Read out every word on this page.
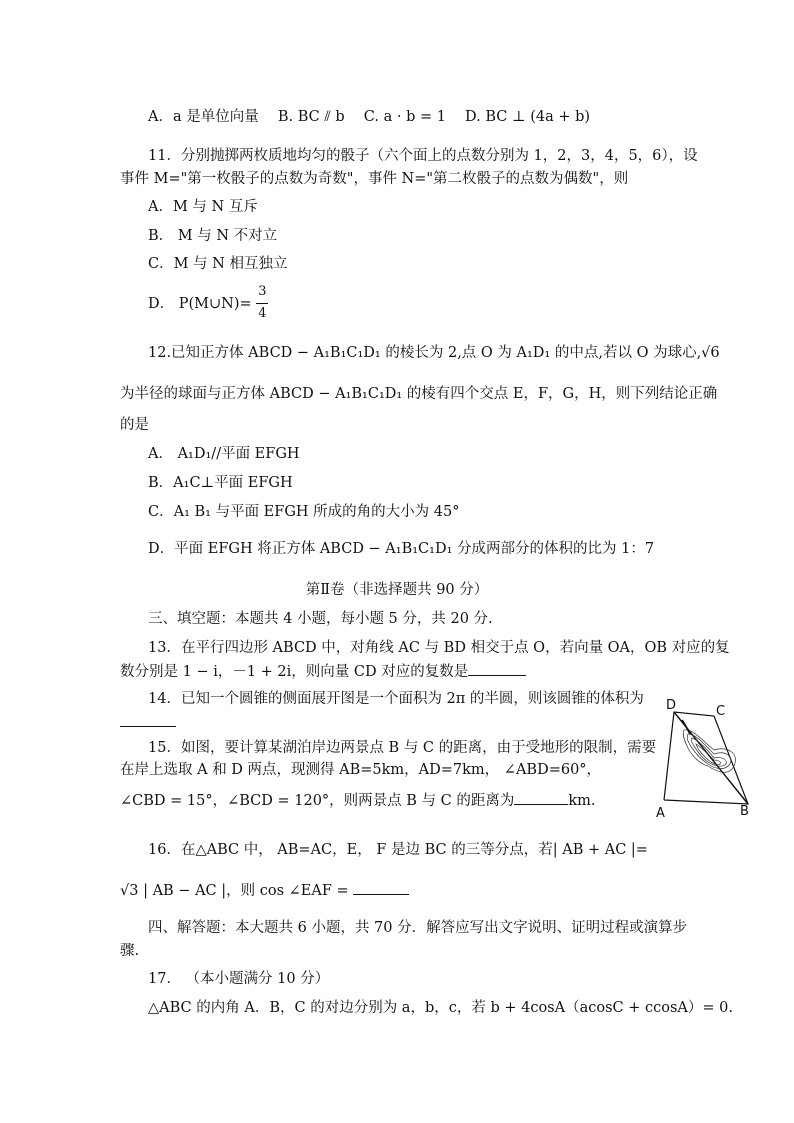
A．a 是单位向量　 B. BC ⫽ b　 C. a · b = 1　 D. BC ⊥ (4a + b)
11．分别抛掷两枚质地均匀的骰子（六个面上的点数分别为 1，2，3，4，5，6），设
事件 M="第一枚骰子的点数为奇数"，事件 N="第二枚骰子的点数为偶数"，则
A．M 与 N 互斥
B． M 与 N 不对立
C．M 与 N 相互独立
D． P(M∪N)= $\frac{3}{4}$
12.已知正方体 ABCD − A₁B₁C₁D₁ 的棱长为 2,点 O 为 A₁D₁ 的中点,若以 O 为球心,√6
为半径的球面与正方体 ABCD − A₁B₁C₁D₁ 的棱有四个交点 E，F，G，H，则下列结论正确
的是
A． A₁D₁//平面 EFGH
B．A₁C⊥平面 EFGH
C．A₁ B₁ 与平面 EFGH 所成的角的大小为 45°
D．平面 EFGH 将正方体 ABCD − A₁B₁C₁D₁ 分成两部分的体积的比为 1：7
第Ⅱ卷（非选择题共 90 分）
三、填空题：本题共 4 小题，每小题 5 分，共 20 分.
13．在平行四边形 ABCD 中，对角线 AC 与 BD 相交于点 O，若向量 OA，OB 对应的复
数分别是 1 − i，－1 + 2i，则向量 CD 对应的复数是
14．已知一个圆锥的侧面展开图是一个面积为 2π 的半圆，则该圆锥的体积为
15．如图，要计算某湖泊岸边两景点 B 与 C 的距离，由于受地形的限制，需要
在岸上选取 A 和 D 两点，现测得 AB=5km，AD=7km， ∠ABD=60°，
∠CBD = 15°，∠BCD = 120°，则两景点 B 与 C 的距离为	km.
D	C
A	B
16．在△ABC 中， AB=AC，E， F 是边 BC 的三等分点，若| AB + AC |=
√3 | AB − AC |，则 cos ∠EAF =
四、解答题：本大题共 6 小题，共 70 分．解答应写出文字说明、证明过程或演算步
骤.
17． （本小题满分 10 分）
△ABC 的内角 A．B，C 的对边分别为 a，b，c，若 b + 4cosA（acosC + ccosA）= 0.
